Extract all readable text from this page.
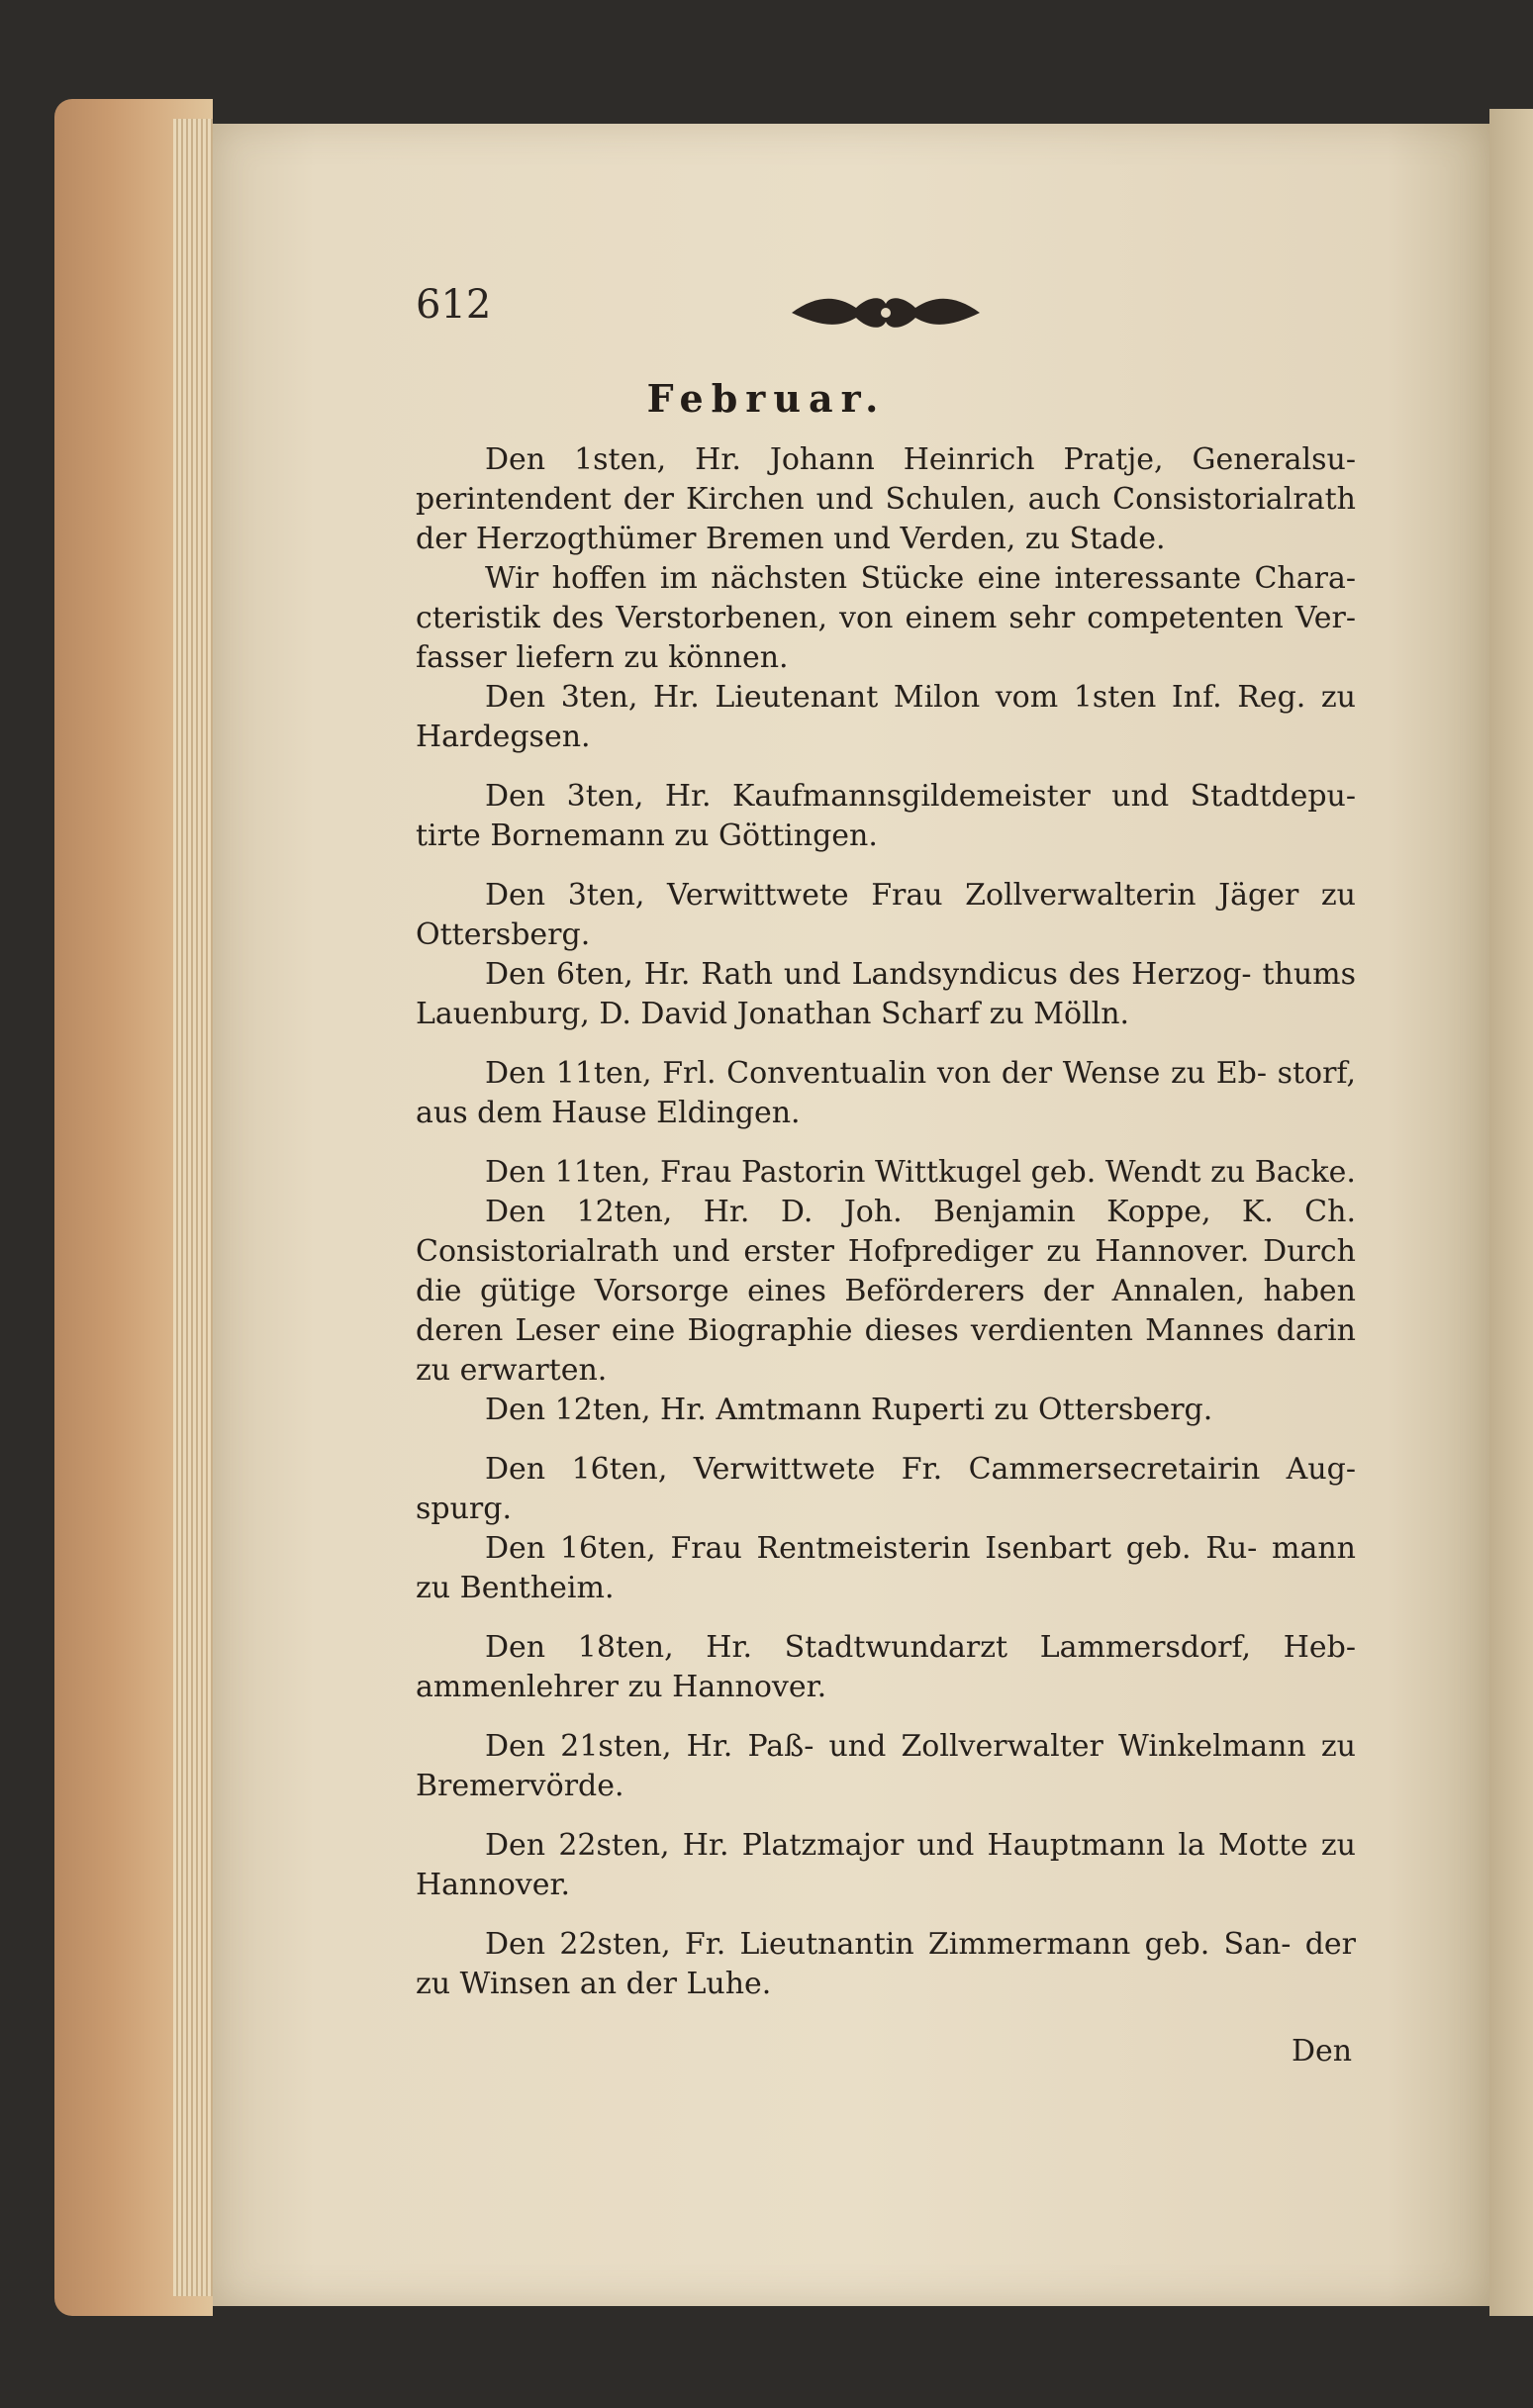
612
Februar.

Den 1sten, Hr. Johann Heinrich Pratje, Generalsu- perintendent der Kirchen und Schulen, auch Consistorialrath der Herzogthümer Bremen und Verden, zu Stade.

Wir hoffen im nächsten Stücke eine interessante Chara- cteristik des Verstorbenen, von einem sehr competenten Ver- fasser liefern zu können.

Den 3ten, Hr. Lieutenant Milon vom 1sten Inf. Reg. zu Hardegsen.

Den 3ten, Hr. Kaufmannsgildemeister und Stadtdepu- tirte Bornemann zu Göttingen.

Den 3ten, Verwittwete Frau Zollverwalterin Jäger zu Ottersberg.

Den 6ten, Hr. Rath und Landsyndicus des Herzog- thums Lauenburg, D. David Jonathan Scharf zu Mölln.

Den 11ten, Frl. Conventualin von der Wense zu Eb- storf, aus dem Hause Eldingen.

Den 11ten, Frau Pastorin Wittkugel geb. Wendt zu Backe.

Den 12ten, Hr. D. Joh. Benjamin Koppe, K. Ch. Consistorialrath und erster Hofprediger zu Hannover. Durch die gütige Vorsorge eines Beförderers der Annalen, haben deren Leser eine Biographie dieses verdienten Mannes darin zu erwarten.

Den 12ten, Hr. Amtmann Ruperti zu Ottersberg.

Den 16ten, Verwittwete Fr. Cammersecretairin Aug- spurg.

Den 16ten, Frau Rentmeisterin Isenbart geb. Ru- mann zu Bentheim.

Den 18ten, Hr. Stadtwundarzt Lammersdorf, Heb- ammenlehrer zu Hannover.

Den 21sten, Hr. Paß- und Zollverwalter Winkelmann zu Bremervörde.

Den 22sten, Hr. Platzmajor und Hauptmann la Motte zu Hannover.

Den 22sten, Fr. Lieutnantin Zimmermann geb. San- der zu Winsen an der Luhe.

Den
